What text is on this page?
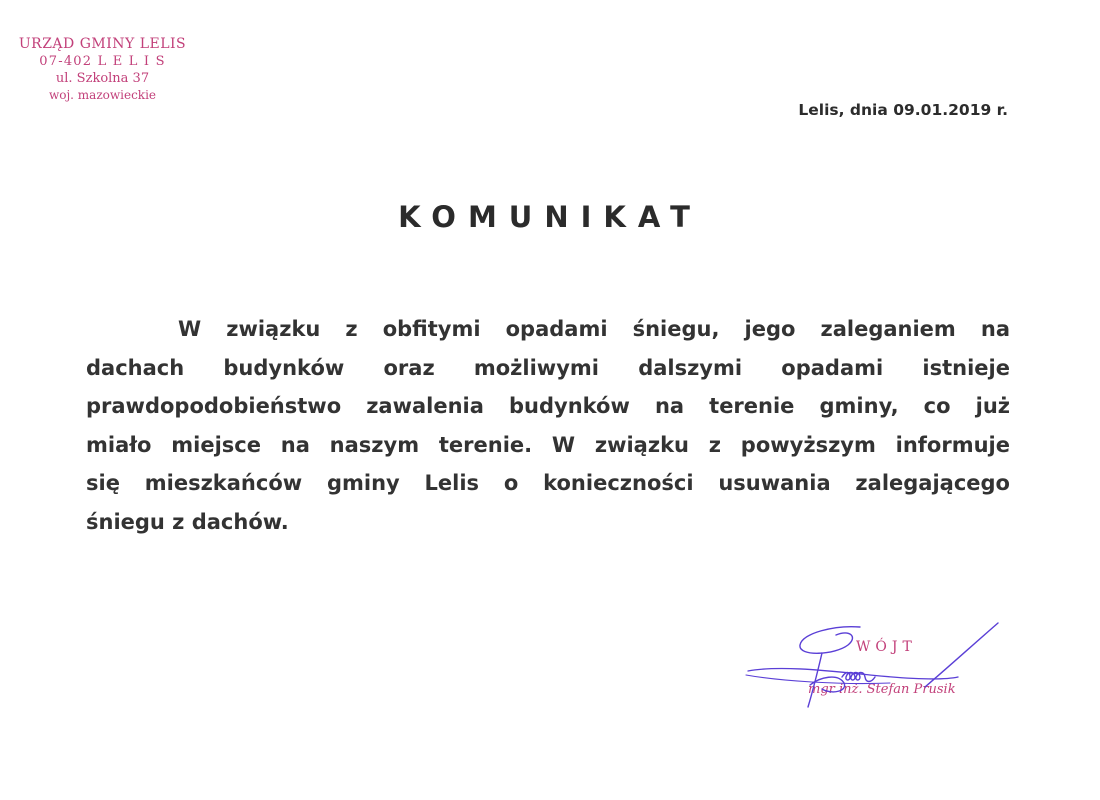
URZĄD GMINY LELIS
07-402 L E L I S
ul. Szkolna 37
woj. mazowieckie
Lelis, dnia 09.01.2019 r.
KOMUNIKAT

W związku z obfitymi opadami śniegu, jego zaleganiem na
dachach budynków oraz możliwymi dalszymi opadami istnieje
prawdopodobieństwo zawalenia budynków na terenie gminy, co już
miało miejsce na naszym terenie. W związku z powyższym informuje
się mieszkańców gminy Lelis o konieczności usuwania zalegającego
śniegu z dachów.

WÓJT
mgr inż. Stefan Prusik
